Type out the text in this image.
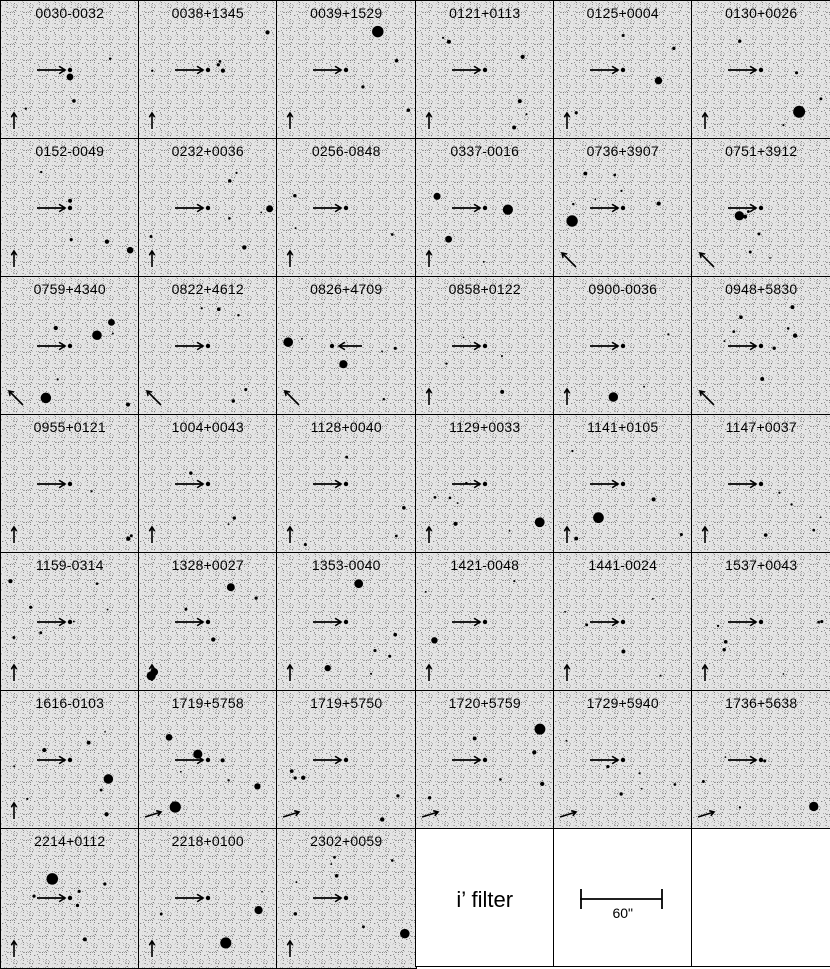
0030-0032	0038+1345	0039+1529	0121+0113	0125+0004	0130+0026
0152-0049	0232+0036	0256-0848	0337-0016	0736+3907	0751+3912
0759+4340	0822+4612	0826+4709	0858+0122	0900-0036	0948+5830
0955+0121	1004+0043	1128+0040	1129+0033	1141+0105	1147+0037
1159-0314	1328+0027	1353-0040	1421-0048	1441-0024	1537+0043
1616-0103	1719+5758	1719+5750	1720+5759	1729+5940	1736+5638
2214+0112	2218+0100	2302+0059
i’ filter
60"
